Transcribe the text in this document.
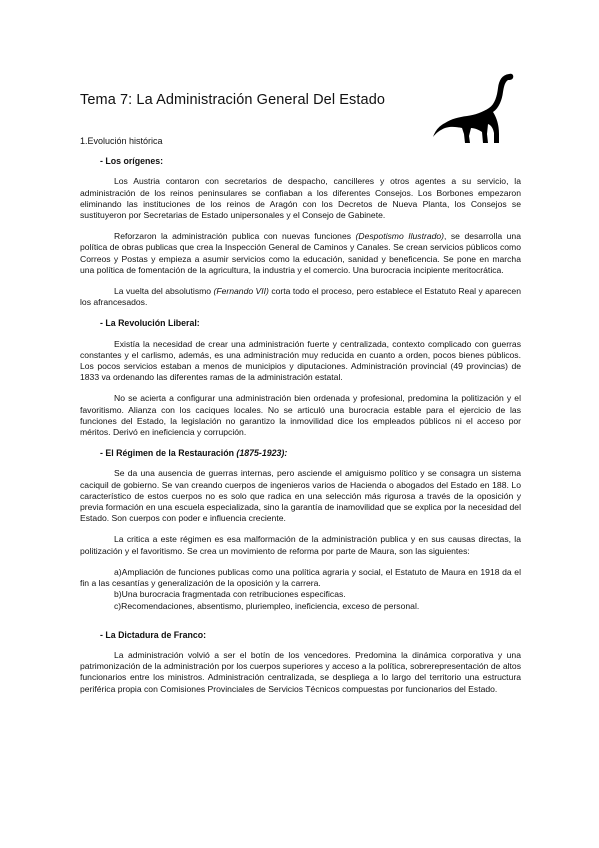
Tema 7: La Administración General Del Estado
1.Evolución histórica
- Los orígenes:

Los Austria contaron con secretarios de despacho, cancilleres y otros agentes a su servicio, la administración de los reinos peninsulares se confiaban a los diferentes Consejos. Los Borbones empezaron eliminando las instituciones de los reinos de Aragón con los Decretos de Nueva Planta, los Consejos se sustituyeron por Secretarias de Estado unipersonales y el Consejo de Gabinete.

Reforzaron la administración publica con nuevas funciones (Despotismo Ilustrado), se desarrolla una política de obras publicas que crea la Inspección General de Caminos y Canales. Se crean servicios públicos como Correos y Postas y empieza a asumir servicios como la educación, sanidad y beneficencia. Se pone en marcha una política de fomentación de la agricultura, la industria y el comercio. Una burocracia incipiente meritocrática.

La vuelta del absolutismo (Fernando VII) corta todo el proceso, pero establece el Estatuto Real y aparecen los afrancesados.

- La Revolución Liberal:

Existía la necesidad de crear una administración fuerte y centralizada, contexto complicado con guerras constantes y el carlismo, además, es una administración muy reducida en cuanto a orden, pocos bienes públicos. Los pocos servicios estaban a menos de municipios y diputaciones. Administración provincial (49 provincias) de 1833 va ordenando las diferentes ramas de la administración estatal.

No se acierta a configurar una administración bien ordenada y profesional, predomina la politización y el favoritismo. Alianza con los caciques locales. No se articuló una burocracia estable para el ejercicio de las funciones del Estado, la legislación no garantizo la inmovilidad dice los empleados públicos ni el acceso por méritos. Derivó en ineficiencia y corrupción.

- El Régimen de la Restauración (1875-1923):

Se da una ausencia de guerras internas, pero asciende el amiguismo político y se consagra un sistema caciquil de gobierno. Se van creando cuerpos de ingenieros varios de Hacienda o abogados del Estado en 188. Lo característico de estos cuerpos no es solo que radica en una selección más rigurosa a través de la oposición y previa formación en una escuela especializada, sino la garantía de inamovilidad que se explica por la necesidad del Estado. Son cuerpos con poder e influencia creciente.

La critica a este régimen es esa malformación de la administración publica y en sus causas directas, la politización y el favoritismo. Se crea un movimiento de reforma por parte de Maura, son las siguientes:

a)Ampliación de funciones publicas como una política agraria y social, el Estatuto de Maura en 1918 da el fin a las cesantías y generalización de la oposición y la carrera.
b)Una burocracia fragmentada con retribuciones especificas.
c)Recomendaciones, absentismo, pluriempleo, ineficiencia, exceso de personal.
- La Dictadura de Franco:

La administración volvió a ser el botín de los vencedores. Predomina la dinámica corporativa y una patrimonización de la administración por los cuerpos superiores y acceso a la política, sobrerepresentación de altos funcionarios entre los ministros. Administración centralizada, se despliega a lo largo del territorio una estructura periférica propia con Comisiones Provinciales de Servicios Técnicos compuestas por funcionarios del Estado.
